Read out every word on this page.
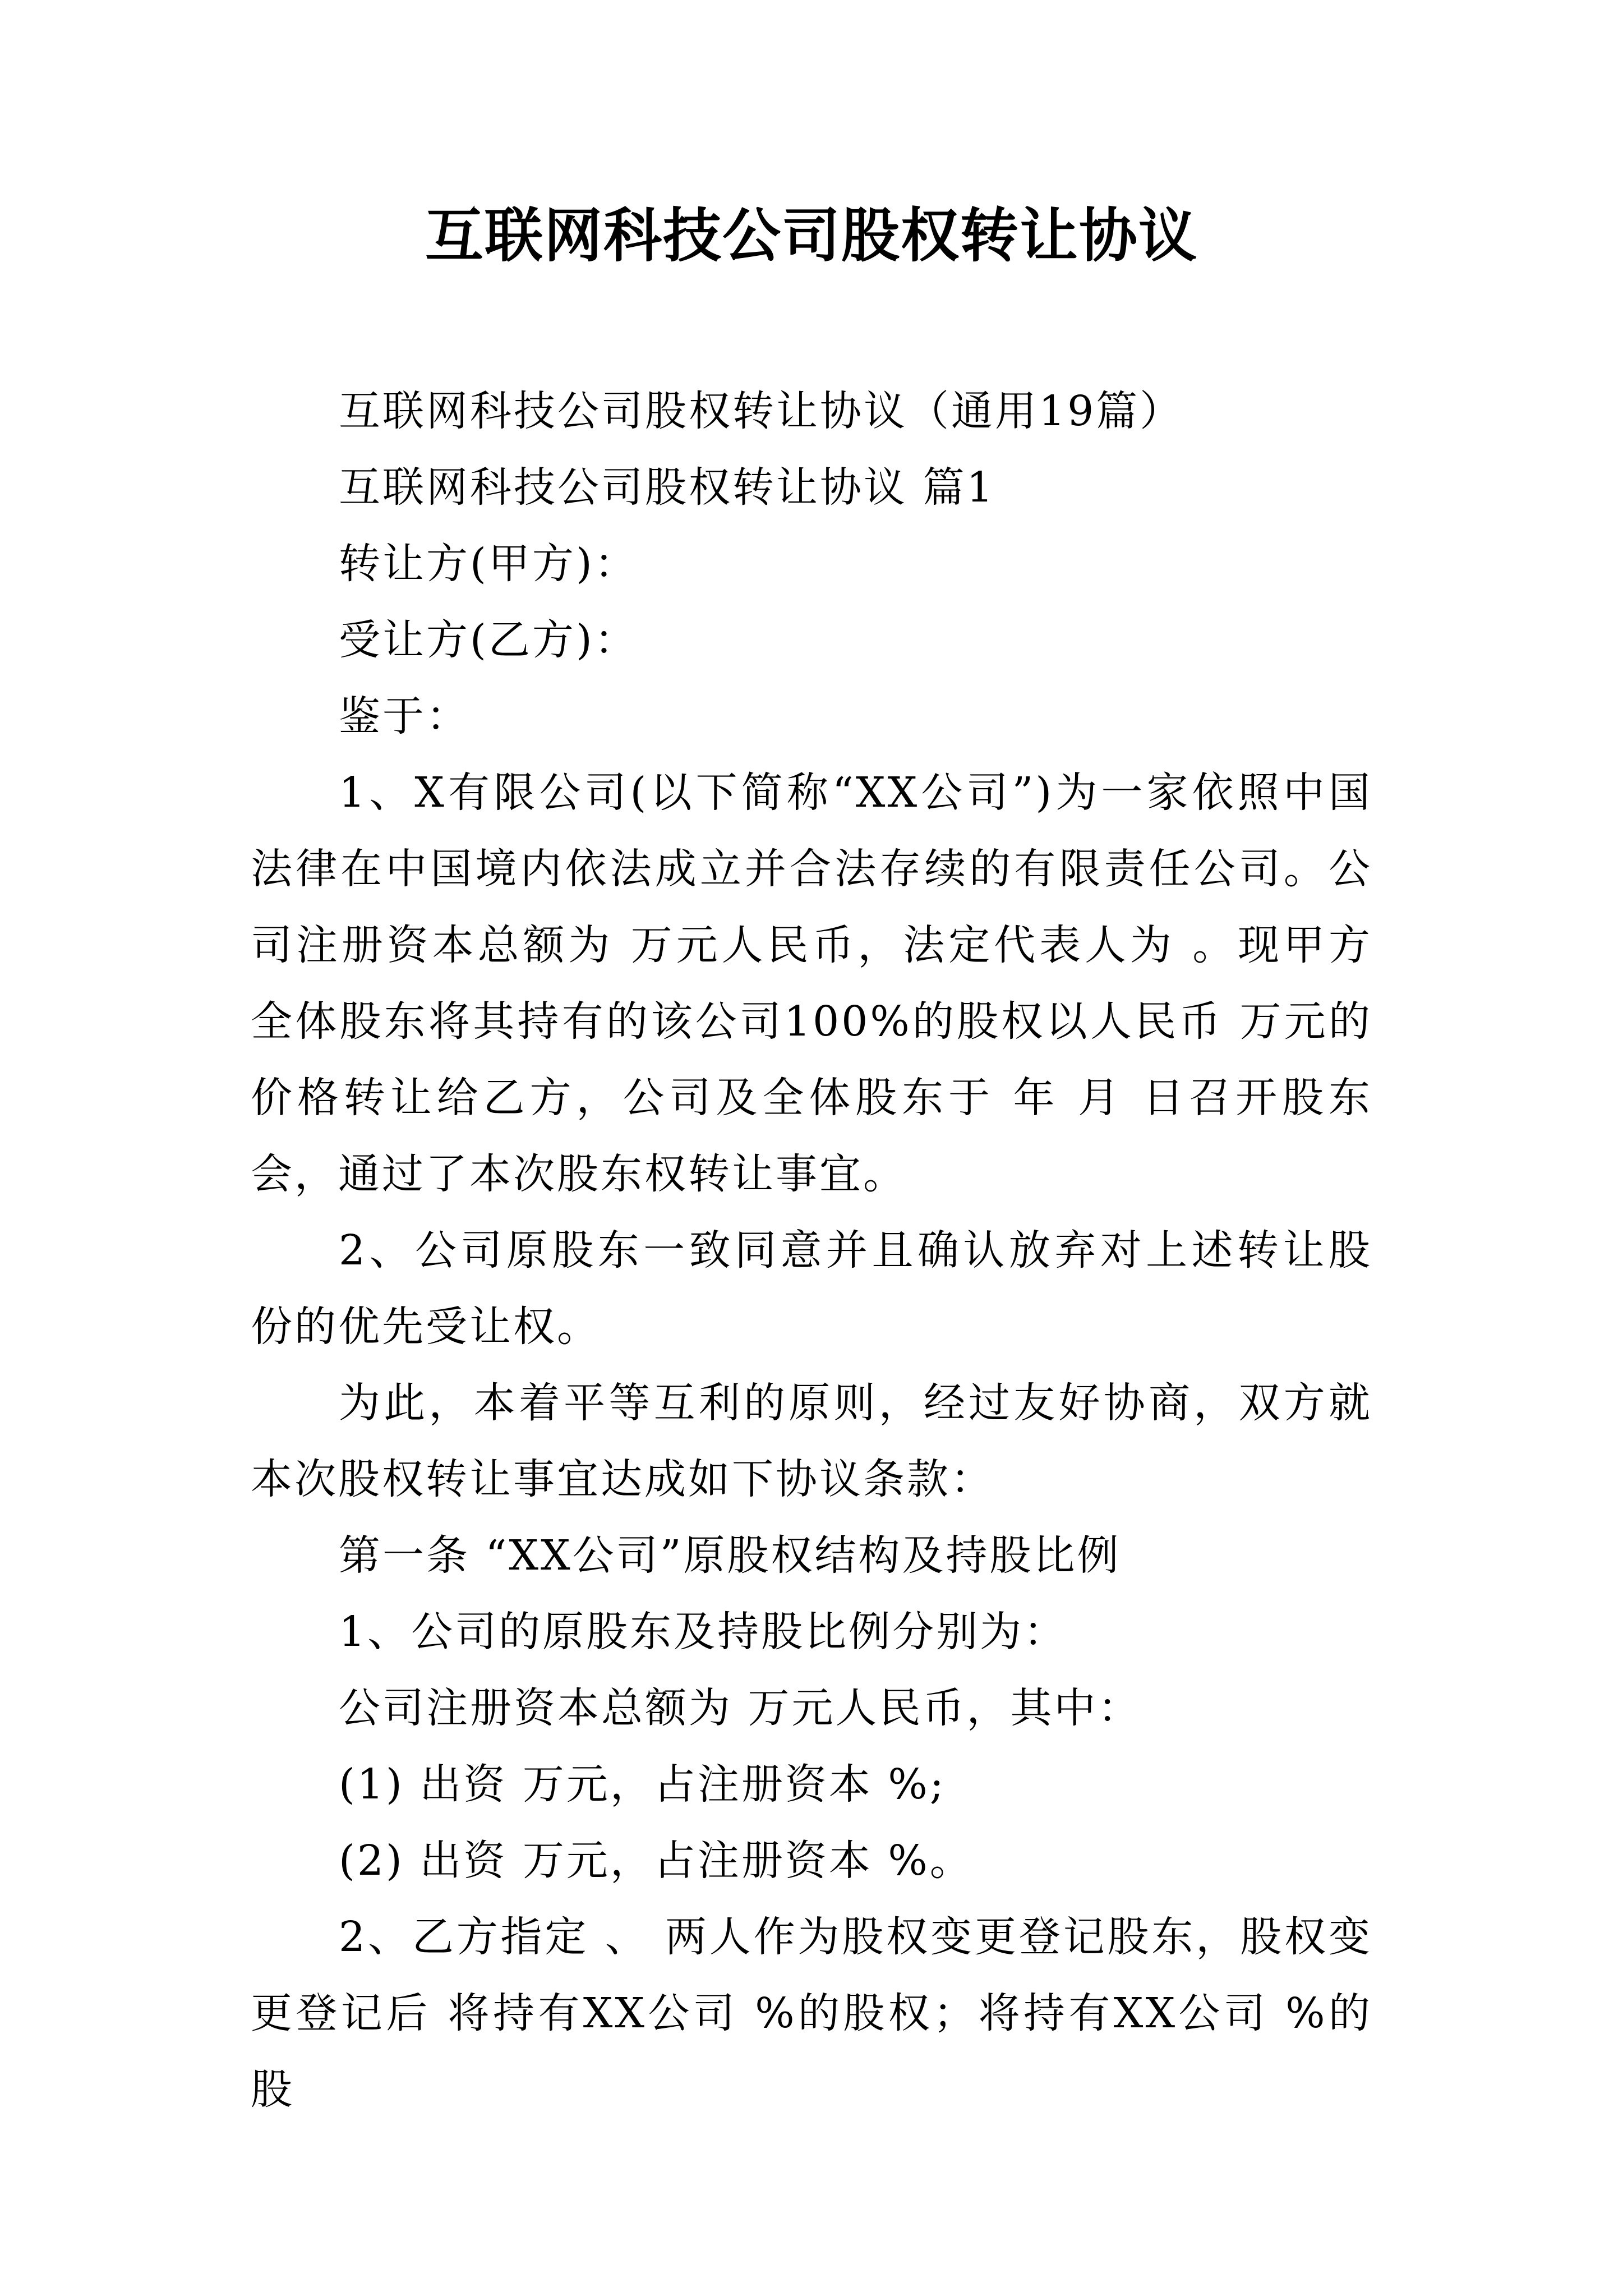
互联网科技公司股权转让协议

互联网科技公司股权转让协议（通用19篇）

互联网科技公司股权转让协议 篇1

转让方(甲方)：

受让方(乙方)：

鉴于：

1、X有限公司(以下简称“XX公司”)为一家依照中国法律在中国境内依法成立并合法存续的有限责任公司。公司注册资本总额为 万元人民币，法定代表人为 。现甲方全体股东将其持有的该公司100%的股权以人民币 万元的价格转让给乙方，公司及全体股东于 年 月 日召开股东会，通过了本次股东权转让事宜。

2、公司原股东一致同意并且确认放弃对上述转让股份的优先受让权。

为此，本着平等互利的原则，经过友好协商，双方就本次股权转让事宜达成如下协议条款：

第一条 “XX公司”原股权结构及持股比例

1、公司的原股东及持股比例分别为：

公司注册资本总额为 万元人民币，其中：

(1) 出资 万元，占注册资本 %;

(2) 出资 万元，占注册资本 %。

2、乙方指定 、 两人作为股权变更登记股东，股权变更登记后 将持有XX公司 %的股权；将持有XX公司 %的股
